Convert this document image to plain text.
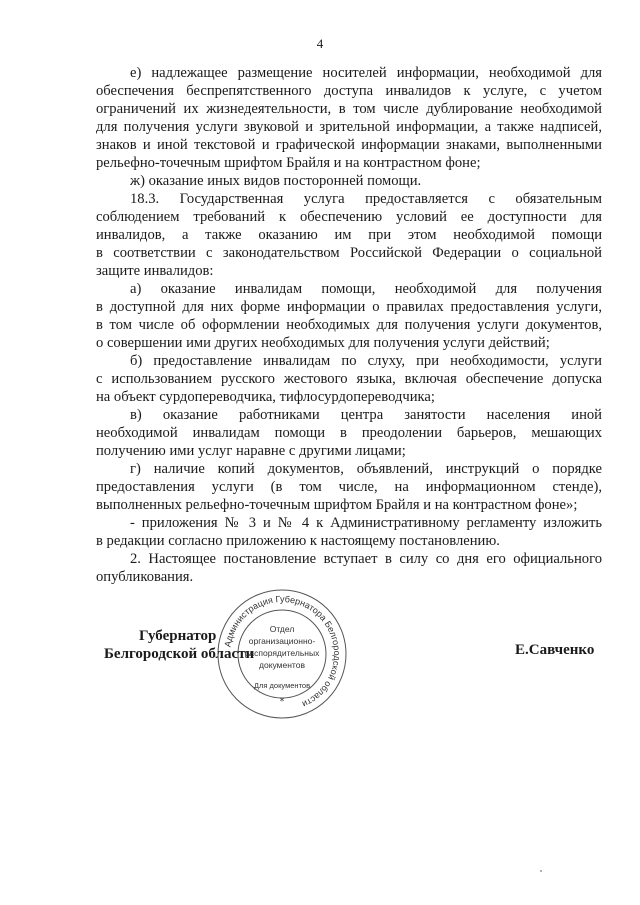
4
е) надлежащее размещение носителей информации, необходимой для
обеспечения беспрепятственного доступа инвалидов к услуге, с учетом
ограничений их жизнедеятельности, в том числе дублирование необходимой
для получения услуги звуковой и зрительной информации, а также надписей,
знаков и иной текстовой и графической информации знаками, выполненными
рельефно-точечным шрифтом Брайля и на контрастном фоне;
ж) оказание иных видов посторонней помощи.
18.3. Государственная услуга предоставляется с обязательным
соблюдением требований к обеспечению условий ее доступности для
инвалидов, а также оказанию им при этом необходимой помощи
в соответствии с законодательством Российской Федерации о социальной
защите инвалидов:
а) оказание инвалидам помощи, необходимой для получения
в доступной для них форме информации о правилах предоставления услуги,
в том числе об оформлении необходимых для получения услуги документов,
о совершении ими других необходимых для получения услуги действий;
б) предоставление инвалидам по слуху, при необходимости, услуги
с использованием русского жестового языка, включая обеспечение допуска
на объект сурдопереводчика, тифлосурдопереводчика;
в) оказание работниками центра занятости населения иной
необходимой инвалидам помощи в преодолении барьеров, мешающих
получению ими услуг наравне с другими лицами;
г) наличие копий документов, объявлений, инструкций о порядке
предоставления услуги (в том числе, на информационном стенде),
выполненных рельефно-точечным шрифтом Брайля и на контрастном фоне»;
- приложения № 3 и № 4 к Административному регламенту изложить
в редакции согласно приложению к настоящему постановлению.
2. Настоящее постановление вступает в силу со дня его официального
опубликования.
Губернатор
Белгородской области	Е.Савченко
Администрация Губернатора Белгородской области
Отдел
организационно-
распорядительных
документов
Для документов
*
